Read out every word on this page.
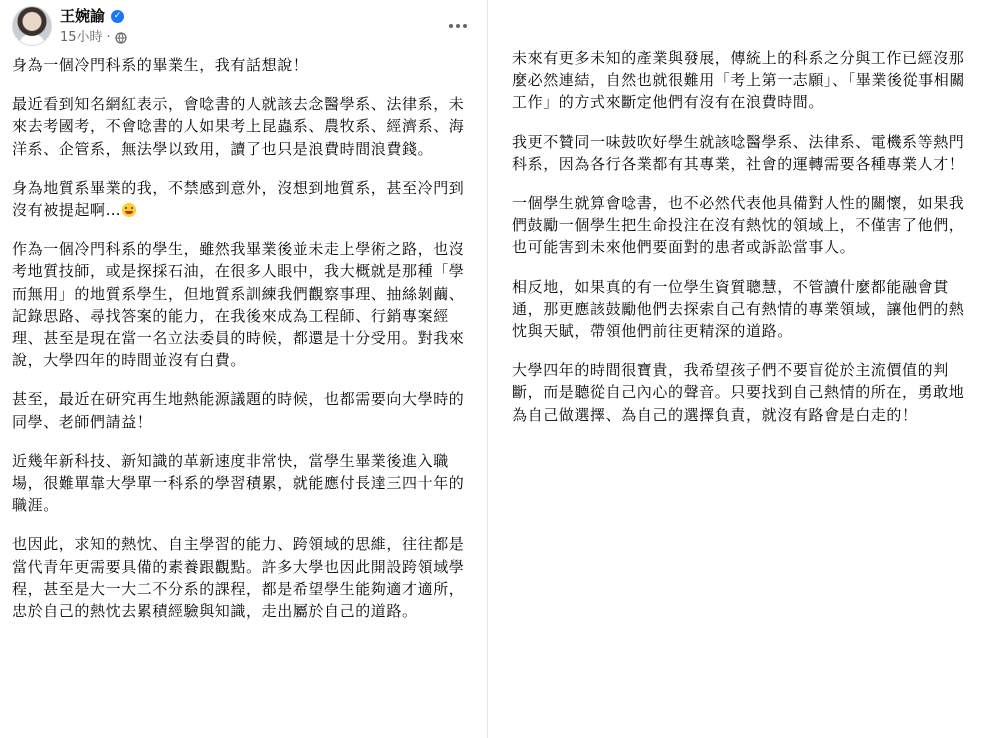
王婉諭 ✓
15小時 ·

身為一個冷門科系的畢業生，我有話想說！

最近看到知名網紅表示，會唸書的人就該去念醫學系、法律系，未來去考國考，不會唸書的人如果考上昆蟲系、農牧系、經濟系、海洋系、企管系，無法學以致用，讀了也只是浪費時間浪費錢。

身為地質系畢業的我，不禁感到意外，沒想到地質系，甚至冷門到沒有被提起啊…

作為一個冷門科系的學生，雖然我畢業後並未走上學術之路，也沒考地質技師，或是探採石油，在很多人眼中，我大概就是那種「學而無用」的地質系學生，但地質系訓練我們觀察事理、抽絲剝繭、記錄思路、尋找答案的能力，在我後來成為工程師、行銷專案經理、甚至是現在當一名立法委員的時候，都還是十分受用。對我來說，大學四年的時間並沒有白費。

甚至，最近在研究再生地熱能源議題的時候，也都需要向大學時的同學、老師們請益！

近幾年新科技、新知識的革新速度非常快，當學生畢業後進入職場，很難單靠大學單一科系的學習積累，就能應付長達三四十年的職涯。

也因此，求知的熱忱、自主學習的能力、跨領域的思維，往往都是當代青年更需要具備的素養跟觀點。許多大學也因此開設跨領域學程，甚至是大一大二不分系的課程，都是希望學生能夠適才適所，忠於自己的熱忱去累積經驗與知識，走出屬於自己的道路。

未來有更多未知的產業與發展，傳統上的科系之分與工作已經沒那麼必然連結，自然也就很難用「考上第一志願」、「畢業後從事相關工作」的方式來斷定他們有沒有在浪費時間。

我更不贊同一味鼓吹好學生就該唸醫學系、法律系、電機系等熱門科系，因為各行各業都有其專業，社會的運轉需要各種專業人才！

一個學生就算會唸書，也不必然代表他具備對人性的關懷，如果我們鼓勵一個學生把生命投注在沒有熱忱的領域上，不僅害了他們，也可能害到未來他們要面對的患者或訴訟當事人。

相反地，如果真的有一位學生資質聰慧，不管讀什麼都能融會貫通，那更應該鼓勵他們去探索自己有熱情的專業領域，讓他們的熱忱與天賦，帶領他們前往更精深的道路。

大學四年的時間很寶貴，我希望孩子們不要盲從於主流價值的判斷，而是聽從自己內心的聲音。只要找到自己熱情的所在，勇敢地為自己做選擇、為自己的選擇負責，就沒有路會是白走的！
